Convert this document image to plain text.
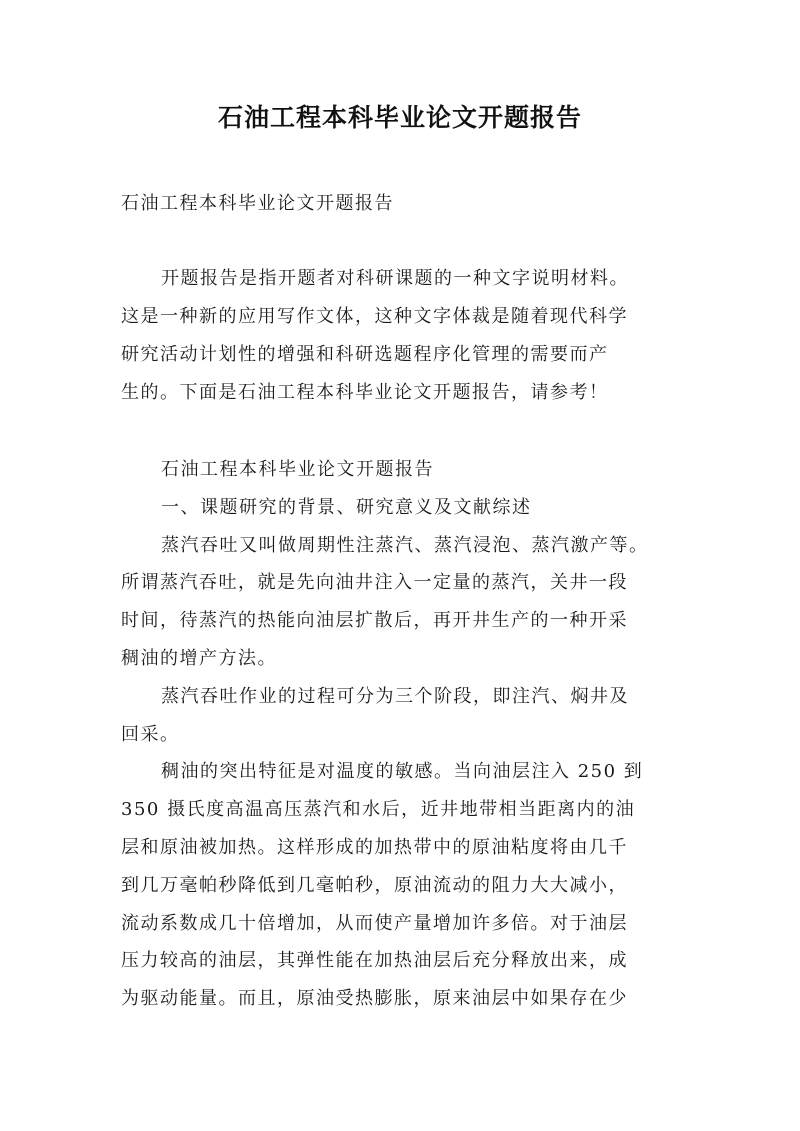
石油工程本科毕业论文开题报告
石油工程本科毕业论文开题报告
开题报告是指开题者对科研课题的一种文字说明材料。
这是一种新的应用写作文体，这种文字体裁是随着现代科学
研究活动计划性的增强和科研选题程序化管理的需要而产
生的。下面是石油工程本科毕业论文开题报告，请参考！
石油工程本科毕业论文开题报告
一、课题研究的背景、研究意义及文献综述
蒸汽吞吐又叫做周期性注蒸汽、蒸汽浸泡、蒸汽激产等。
所谓蒸汽吞吐，就是先向油井注入一定量的蒸汽，关井一段
时间，待蒸汽的热能向油层扩散后，再开井生产的一种开采
稠油的增产方法。
蒸汽吞吐作业的过程可分为三个阶段，即注汽、焖井及
回采。
稠油的突出特征是对温度的敏感。当向油层注入 250 到
350 摄氏度高温高压蒸汽和水后，近井地带相当距离内的油
层和原油被加热。这样形成的加热带中的原油粘度将由几千
到几万毫帕秒降低到几毫帕秒，原油流动的阻力大大减小，
流动系数成几十倍增加，从而使产量增加许多倍。对于油层
压力较高的油层，其弹性能在加热油层后充分释放出来，成
为驱动能量。而且，原油受热膨胀，原来油层中如果存在少
